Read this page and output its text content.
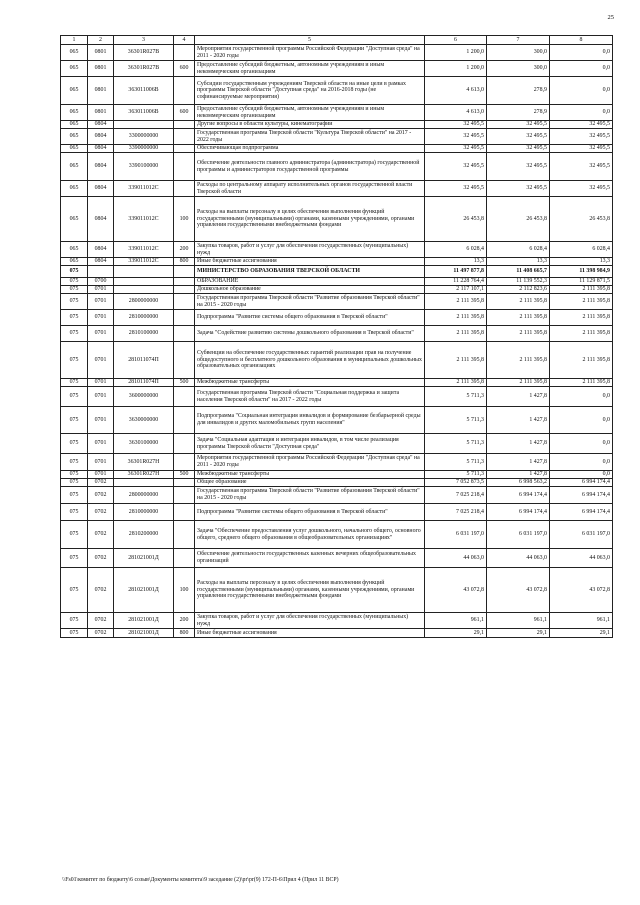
25
1	2	3	4	5	6	7	8
065	0801	36301R027В		Мероприятия государственной программы Российской Федерации "Доступная среда" на 2011 - 2020 годы	1 200,0	300,0	0,0
065	0801	36301R027В	600	Предоставление субсидий бюджетным, автономным учреждениям и иным некоммерческим организациям	1 200,0	300,0	0,0
065	0801	363011006В		Субсидии государственным учреждениям Тверской области на иные цели в рамках программы Тверской области "Доступная среда" на 2016-2018 годы (не софинансируемые мероприятия)	4 613,0	278,9	0,0
065	0801	363011006В	600	Предоставление субсидий бюджетным, автономным учреждениям и иным некоммерческим организациям	4 613,0	278,9	0,0
065	0804			Другие вопросы в области культуры, кинематографии	32 495,5	32 495,5	32 495,5
065	0804	3300000000		Государственная программа Тверской области "Культура Тверской области" на 2017 - 2022 годы	32 495,5	32 495,5	32 495,5
065	0804	3390000000		Обеспечивающая подпрограмма	32 495,5	32 495,5	32 495,5
065	0804	3390100000		Обеспечение деятельности главного администратора (администратора) государственной программы и администраторов государственной программы	32 495,5	32 495,5	32 495,5
065	0804	339011012С		Расходы по центральному аппарату исполнительных органов государственной власти Тверской области	32 495,5	32 495,5	32 495,5
065	0804	339011012С	100	Расходы на выплаты персоналу в целях обеспечения выполнения функций государственными (муниципальными) органами, казенными учреждениями, органами управления государственными внебюджетными фондами	26 453,8	26 453,8	26 453,8
065	0804	339011012С	200	Закупка товаров, работ и услуг для обеспечения государственных (муниципальных) нужд	6 028,4	6 028,4	6 028,4
065	0804	339011012С	800	Иные бюджетные ассигнования	13,3	13,3	13,3
075				МИНИСТЕРСТВО ОБРАЗОВАНИЯ ТВЕРСКОЙ ОБЛАСТИ	11 497 877,8	11 408 665,7	11 398 984,9
075	0700			ОБРАЗОВАНИЕ	11 228 764,4	11 139 552,3	11 129 871,5
075	0701			Дошкольное образование	2 117 107,1	2 112 823,6	2 111 395,8
075	0701	2800000000		Государственная программа Тверской области "Развитие образования Тверской области" на 2015 - 2020 годы	2 111 395,8	2 111 395,8	2 111 395,8
075	0701	2810000000		Подпрограмма "Развитие системы общего образования в Тверской области"	2 111 395,8	2 111 395,8	2 111 395,8
075	0701	2810100000		Задача "Содействие развитию системы дошкольного образования в Тверской области"	2 111 395,8	2 111 395,8	2 111 395,8
075	0701	281011074П		Субвенции на обеспечение государственных гарантий реализации прав на получение общедоступного и бесплатного дошкольного образования в муниципальных дошкольных образовательных организациях	2 111 395,8	2 111 395,8	2 111 395,8
075	0701	281011074П	500	Межбюджетные трансферты	2 111 395,8	2 111 395,8	2 111 395,8
075	0701	3600000000		Государственная программа Тверской области "Социальная поддержка и защита населения Тверской области" на 2017 - 2022 годы	5 711,3	1 427,8	0,0
075	0701	3630000000		Подпрограмма "Социальная интеграция инвалидов и формирование безбарьерной среды для инвалидов и других маломобильных групп населения"	5 711,3	1 427,8	0,0
075	0701	3630100000		Задача "Социальная адаптация и интеграция инвалидов, в том числе реализация программы Тверской области "Доступная среда"	5 711,3	1 427,8	0,0
075	0701	36301R027Н		Мероприятия государственной программы Российской Федерации "Доступная среда" на 2011 - 2020 годы	5 711,3	1 427,8	0,0
075	0701	36301R027Н	500	Межбюджетные трансферты	5 711,3	1 427,8	0,0
075	0702			Общее образование	7 052 873,5	6 998 563,2	6 994 174,4
075	0702	2800000000		Государственная программа Тверской области "Развитие образования Тверской области" на 2015 - 2020 годы	7 025 218,4	6 994 174,4	6 994 174,4
075	0702	2810000000		Подпрограмма "Развитие системы общего образования в Тверской области"	7 025 218,4	6 994 174,4	6 994 174,4
075	0702	2810200000		Задача "Обеспечение предоставления услуг дошкольного, начального общего, основного общего, среднего общего образования в общеобразовательных организациях"	6 031 197,0	6 031 197,0	6 031 197,0
075	0702	281021001Д		Обеспечение деятельности государственных казенных вечерних общеобразовательных организаций	44 063,0	44 063,0	44 063,0
075	0702	281021001Д	100	Расходы на выплаты персоналу в целях обеспечения выполнения функций государственными (муниципальными) органами, казенными учреждениями, органами управления государственными внебюджетными фондами	43 072,8	43 072,8	43 072,8
075	0702	281021001Д	200	Закупка товаров, работ и услуг для обеспечения государственных (муниципальных) нужд	961,1	961,1	961,1
075	0702	281021001Д	800	Иные бюджетные ассигнования	29,1	29,1	29,1
\\Fs01\комитет по бюджету\6 созыв\Документы комитета\9 заседание (2)\pr\pr(9) 172-П-6\Прил 4 (Прил 11 ВСР)
